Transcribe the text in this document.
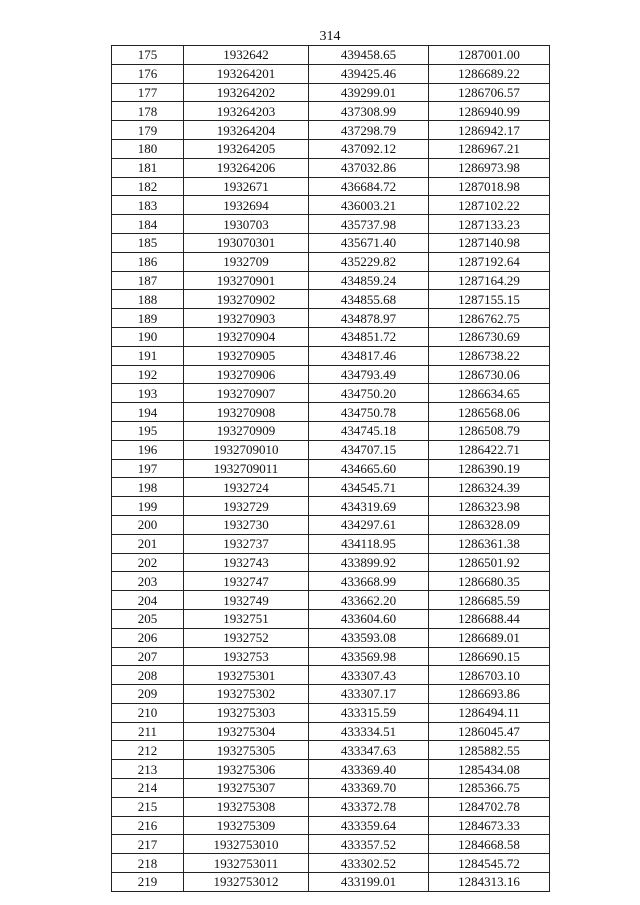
314
175	1932642	439458.65	1287001.00
176	193264201	439425.46	1286689.22
177	193264202	439299.01	1286706.57
178	193264203	437308.99	1286940.99
179	193264204	437298.79	1286942.17
180	193264205	437092.12	1286967.21
181	193264206	437032.86	1286973.98
182	1932671	436684.72	1287018.98
183	1932694	436003.21	1287102.22
184	1930703	435737.98	1287133.23
185	193070301	435671.40	1287140.98
186	1932709	435229.82	1287192.64
187	193270901	434859.24	1287164.29
188	193270902	434855.68	1287155.15
189	193270903	434878.97	1286762.75
190	193270904	434851.72	1286730.69
191	193270905	434817.46	1286738.22
192	193270906	434793.49	1286730.06
193	193270907	434750.20	1286634.65
194	193270908	434750.78	1286568.06
195	193270909	434745.18	1286508.79
196	1932709010	434707.15	1286422.71
197	1932709011	434665.60	1286390.19
198	1932724	434545.71	1286324.39
199	1932729	434319.69	1286323.98
200	1932730	434297.61	1286328.09
201	1932737	434118.95	1286361.38
202	1932743	433899.92	1286501.92
203	1932747	433668.99	1286680.35
204	1932749	433662.20	1286685.59
205	1932751	433604.60	1286688.44
206	1932752	433593.08	1286689.01
207	1932753	433569.98	1286690.15
208	193275301	433307.43	1286703.10
209	193275302	433307.17	1286693.86
210	193275303	433315.59	1286494.11
211	193275304	433334.51	1286045.47
212	193275305	433347.63	1285882.55
213	193275306	433369.40	1285434.08
214	193275307	433369.70	1285366.75
215	193275308	433372.78	1284702.78
216	193275309	433359.64	1284673.33
217	1932753010	433357.52	1284668.58
218	1932753011	433302.52	1284545.72
219	1932753012	433199.01	1284313.16
